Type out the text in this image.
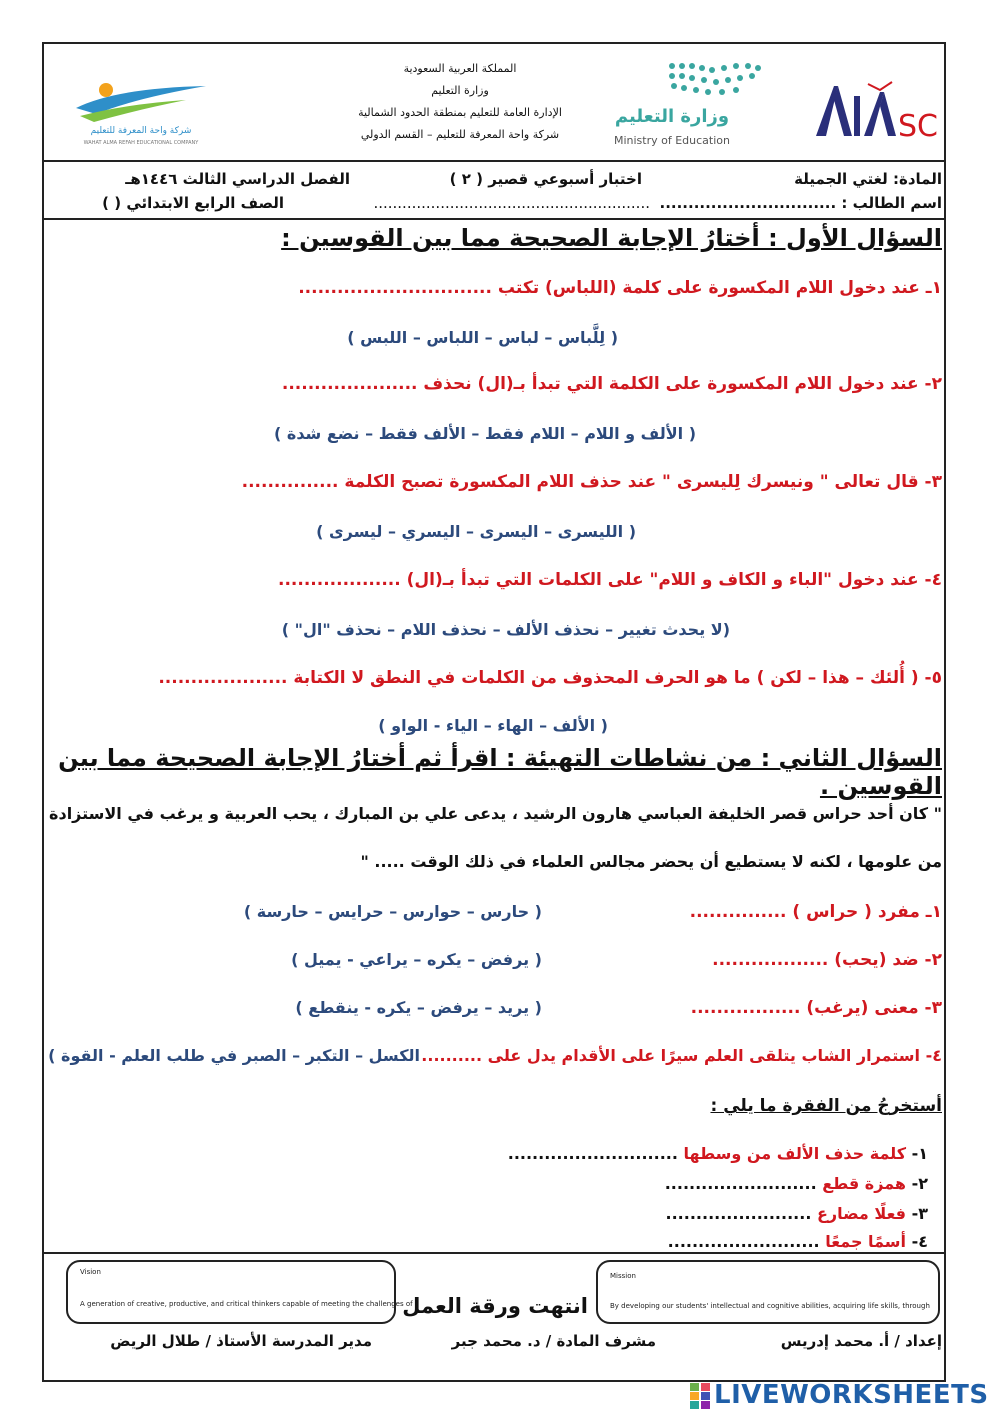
SC
وزارة التعليم
Ministry of Education
المملكة العربية السعودية
وزارة التعليم
الإدارة العامة للتعليم بمنطقة الحدود الشمالية
شركة واحة المعرفة للتعليم – القسم الدولي
شركة واحة المعرفة للتعليم
WAHAT ALMA REFAH EDUCATIONAL COMPANY
المادة: لغتي الجميلة
اختبار أسبوعي قصير ( ٢ )
الفصل الدراسي الثالث ١٤٤٦هـ
اسم الطالب : ...............................
..........................................................
الصف الرابع الابتدائي ( )
السؤال الأول : أختارُ الإجابة الصحيحة مما بين القوسين :
١ـ عند دخول اللام المكسورة على كلمة (اللباس) تكتب ..............................
( لِلَّباس – لباس – اللباس – اللبس )
٢- عند دخول اللام المكسورة على الكلمة التي تبدأ بـ(ال) نحذف .....................
( الألف و اللام – اللام فقط – الألف فقط – نضع شدة )
٣- قال تعالى " ونيسرك لِليسرى " عند حذف اللام المكسورة تصبح الكلمة ...............
( الليسرى – اليسرى – اليسري – ليسرى )
٤- عند دخول "الباء و الكاف و اللام" على الكلمات التي تبدأ بـ(ال) ...................
(لا يحدث تغيير – نحذف الألف – نحذف اللام – نحذف "ال" )
٥- ( أُلئك – هذا – لكن ) ما هو الحرف المحذوف من الكلمات في النطق لا الكتابة ....................
( الألف – الهاء – الياء - الواو )
السؤال الثاني : من نشاطات التهيئة : اقرأ ثم أختارُ الإجابة الصحيحة مما بين القوسين .
" كان أحد حراس قصر الخليفة العباسي هارون الرشيد ، يدعى علي بن المبارك ، يحب العربية و يرغب في الاستزادة
من علومها ، لكنه لا يستطيع أن يحضر مجالس العلماء في ذلك الوقت ..... "
١ـ مفرد ( حراس ) ...............
( حارس – حوارس – حرايس – حارسة )
٢- ضد (يحب) ..................
( يرفض – يكره – يراعي - يميل )
٣- معنى (يرغب) .................
( يريد – يرفض – يكره - ينقطع )
٤- استمرار الشاب يتلقى العلم سيرًا على الأقدام يدل على ..........
الكسل – التكبر – الصبر في طلب العلم - القوة )
أستخرجُ من الفقرة ما يلي :
١- كلمة حذف الألف من وسطها ............................
٢- همزة قطع .........................
٣- فعلًا مضارع ........................
٤- أسمًا جمعًا .........................
Vision
A generation of creative, productive, and critical thinkers capable of meeting the challenges of
انتهت ورقة العمل
Mission
By developing our students' intellectual and cognitive abilities, acquiring life skills, through
إعداد / أ. محمد إدريس
مشرف المادة / د. محمد جبر
مدير المدرسة الأستاذ / طلال الريض
LIVEWORKSHEETS
